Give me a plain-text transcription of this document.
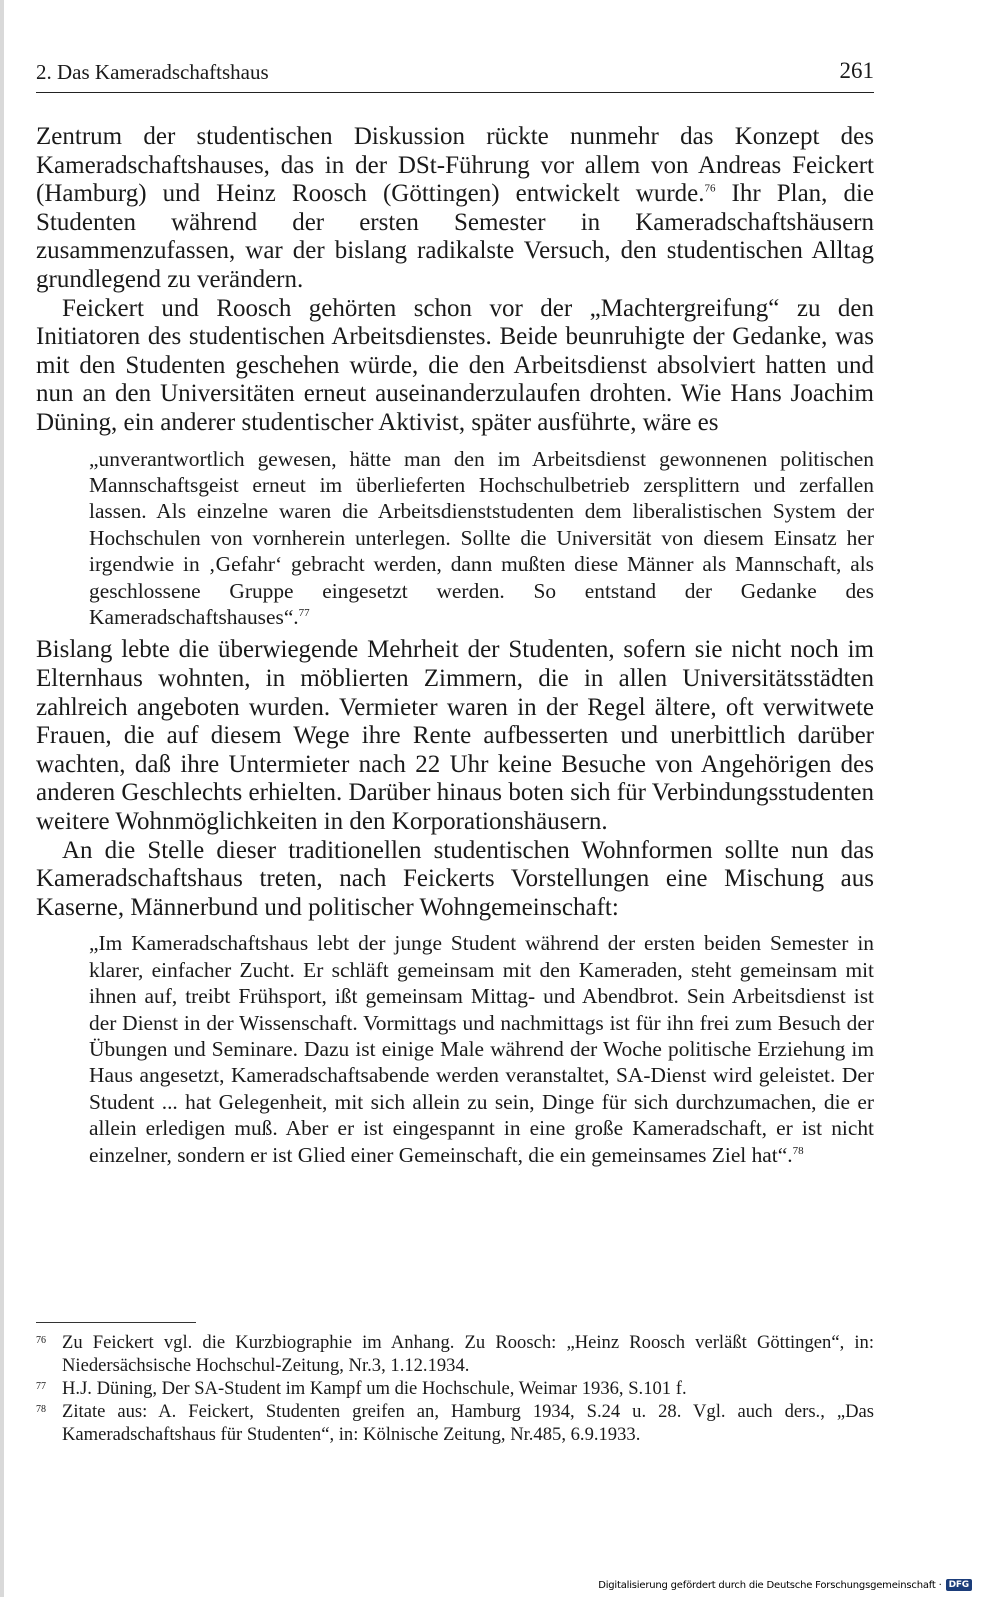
2. Das Kameradschaftshaus	261

Zentrum der studentischen Diskussion rückte nunmehr das Konzept des Kameradschaftshauses, das in der DSt-Führung vor allem von Andreas Feickert (Hamburg) und Heinz Roosch (Göttingen) entwickelt wurde.$^{76}$ Ihr Plan, die Studenten während der ersten Semester in Kameradschaftshäusern zusammenzufassen, war der bislang radikalste Versuch, den studentischen Alltag grundlegend zu verändern.

Feickert und Roosch gehörten schon vor der „Machtergreifung“ zu den Initiatoren des studentischen Arbeitsdienstes. Beide beunruhigte der Gedanke, was mit den Studenten geschehen würde, die den Arbeitsdienst absolviert hatten und nun an den Universitäten erneut auseinanderzulaufen drohten. Wie Hans Joachim Düning, ein anderer studentischer Aktivist, später ausführte, wäre es

„unverantwortlich gewesen, hätte man den im Arbeitsdienst gewonnenen politischen Mannschaftsgeist erneut im überlieferten Hochschulbetrieb zersplittern und zerfallen lassen. Als einzelne waren die Arbeitsdienststudenten dem liberalistischen System der Hochschulen von vornherein unterlegen. Sollte die Universität von diesem Einsatz her irgendwie in ‚Gefahr‘ gebracht werden, dann mußten diese Männer als Mannschaft, als geschlossene Gruppe eingesetzt werden. So entstand der Gedanke des Kameradschaftshauses“.$^{77}$

Bislang lebte die überwiegende Mehrheit der Studenten, sofern sie nicht noch im Elternhaus wohnten, in möblierten Zimmern, die in allen Universitätsstädten zahlreich angeboten wurden. Vermieter waren in der Regel ältere, oft verwitwete Frauen, die auf diesem Wege ihre Rente aufbesserten und unerbittlich darüber wachten, daß ihre Untermieter nach 22 Uhr keine Besuche von Angehörigen des anderen Geschlechts erhielten. Darüber hinaus boten sich für Verbindungsstudenten weitere Wohnmöglichkeiten in den Korporationshäusern.

An die Stelle dieser traditionellen studentischen Wohnformen sollte nun das Kameradschaftshaus treten, nach Feickerts Vorstellungen eine Mischung aus Kaserne, Männerbund und politischer Wohngemeinschaft:

„Im Kameradschaftshaus lebt der junge Student während der ersten beiden Semester in klarer, einfacher Zucht. Er schläft gemeinsam mit den Kameraden, steht gemeinsam mit ihnen auf, treibt Frühsport, ißt gemeinsam Mittag- und Abendbrot. Sein Arbeitsdienst ist der Dienst in der Wissenschaft. Vormittags und nachmittags ist für ihn frei zum Besuch der Übungen und Seminare. Dazu ist einige Male während der Woche politische Erziehung im Haus angesetzt, Kameradschaftsabende werden veranstaltet, SA-Dienst wird geleistet. Der Student ... hat Gelegenheit, mit sich allein zu sein, Dinge für sich durchzumachen, die er allein erledigen muß. Aber er ist eingespannt in eine große Kameradschaft, er ist nicht einzelner, sondern er ist Glied einer Gemeinschaft, die ein gemeinsames Ziel hat“.$^{78}$

76 Zu Feickert vgl. die Kurzbiographie im Anhang. Zu Roosch: „Heinz Roosch verläßt Göttingen“, in: Niedersächsische Hochschul-Zeitung, Nr.3, 1.12.1934.

77 H.J. Düning, Der SA-Student im Kampf um die Hochschule, Weimar 1936, S.101 f.

78 Zitate aus: A. Feickert, Studenten greifen an, Hamburg 1934, S.24 u. 28. Vgl. auch ders., „Das Kameradschaftshaus für Studenten“, in: Kölnische Zeitung, Nr.485, 6.9.1933.

Digitalisierung gefördert durch die Deutsche Forschungsgemeinschaft · DFG
